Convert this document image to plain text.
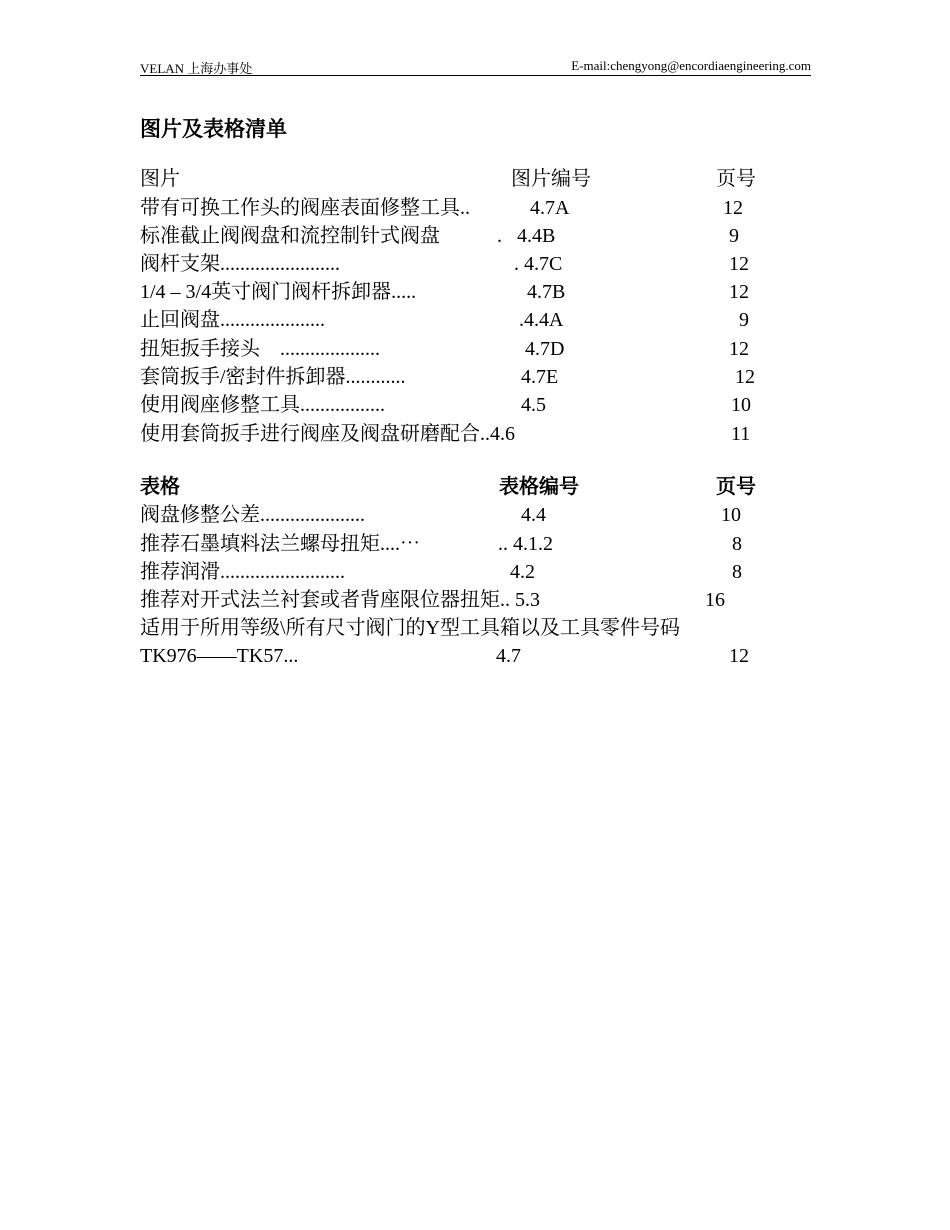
VELAN 上海办事处	E-mail:chengyong@encordiaengineering.com
图片及表格清单
图片	图片编号	页号
带有可换工作头的阀座表面修整工具..	4.7A	12
标准截止阀阀盘和流控制针式阀盘	.   4.4B	9
阀杆支架........................	. 4.7C	12
1/4 – 3/4英寸阀门阀杆拆卸器.....	4.7B	12
止回阀盘.....................	.4.4A	9
扭矩扳手接头    ....................	4.7D	12
套筒扳手/密封件拆卸器............	4.7E	12
使用阀座修整工具.................	4.5	10
使用套筒扳手进行阀座及阀盘研磨配合..4.6	11
表格	表格编号	页号
阀盘修整公差.....................	4.4	10
推荐石墨填料法兰螺母扭矩....⋯	.. 4.1.2	8
推荐润滑.........................	4.2	8
推荐对开式法兰衬套或者背座限位器扭矩.. 5.3	16
适用于所用等级\所有尺寸阀门的Y型工具箱以及工具零件号码
TK976——TK57...	4.7	12
